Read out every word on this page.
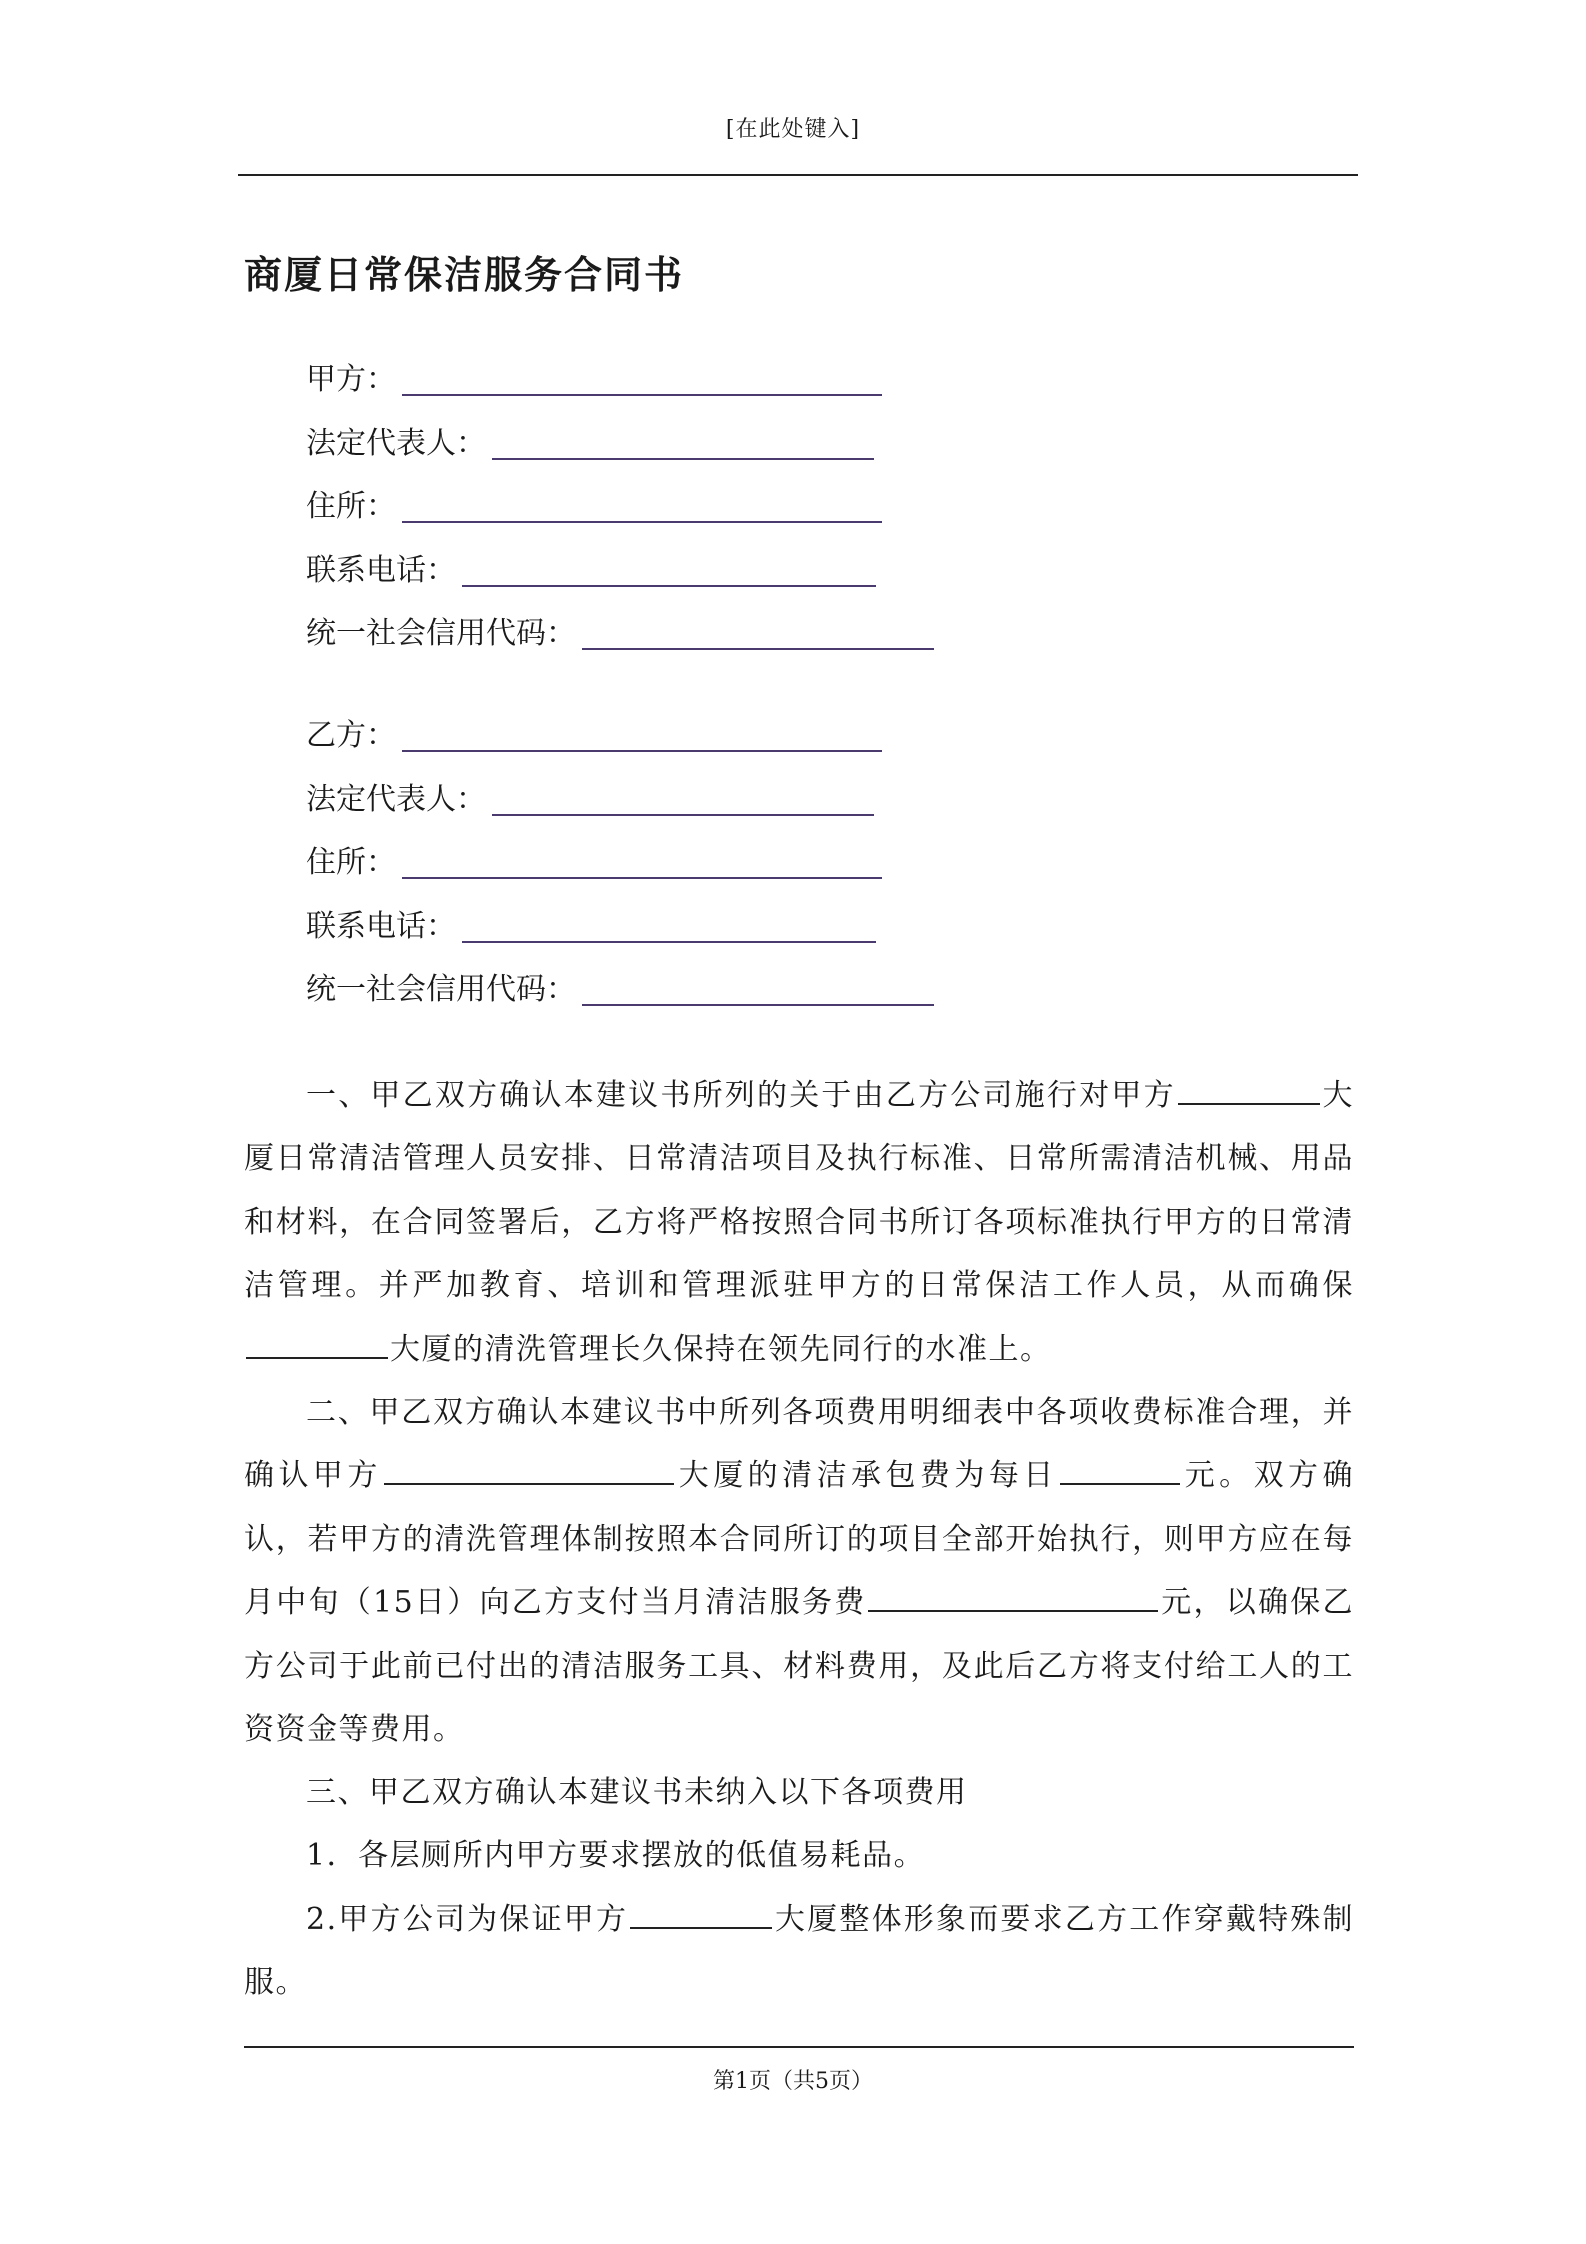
[在此处键入]
商厦日常保洁服务合同书
甲方：
法定代表人：
住所：
联系电话：
统一社会信用代码：
乙方：
法定代表人：
住所：
联系电话：
统一社会信用代码：
一、甲乙双方确认本建议书所列的关于由乙方公司施行对甲方	大厦日常清洁管理人员安排、日常清洁项目及执行标准、日常所需清洁机械、用品和材料，在合同签署后，乙方将严格按照合同书所订各项标准执行甲方的日常清洁管理。并严加教育、培训和管理派驻甲方的日常保洁工作人员，从而确保大厦的清洗管理长久保持在领先同行的水准上。
二、甲乙双方确认本建议书中所列各项费用明细表中各项收费标准合理，并确认甲方	大厦的清洁承包费为每日	元。双方确认，若甲方的清洗管理体制按照本合同所订的项目全部开始执行，则甲方应在每月中旬（15日）向乙方支付当月清洁服务费	元，以确保乙方公司于此前已付出的清洁服务工具、材料费用，及此后乙方将支付给工人的工资资金等费用。
三、甲乙双方确认本建议书未纳入以下各项费用
1．各层厕所内甲方要求摆放的低值易耗品。
2.甲方公司为保证甲方	大厦整体形象而要求乙方工作穿戴特殊制服。
第1页（共5页）
